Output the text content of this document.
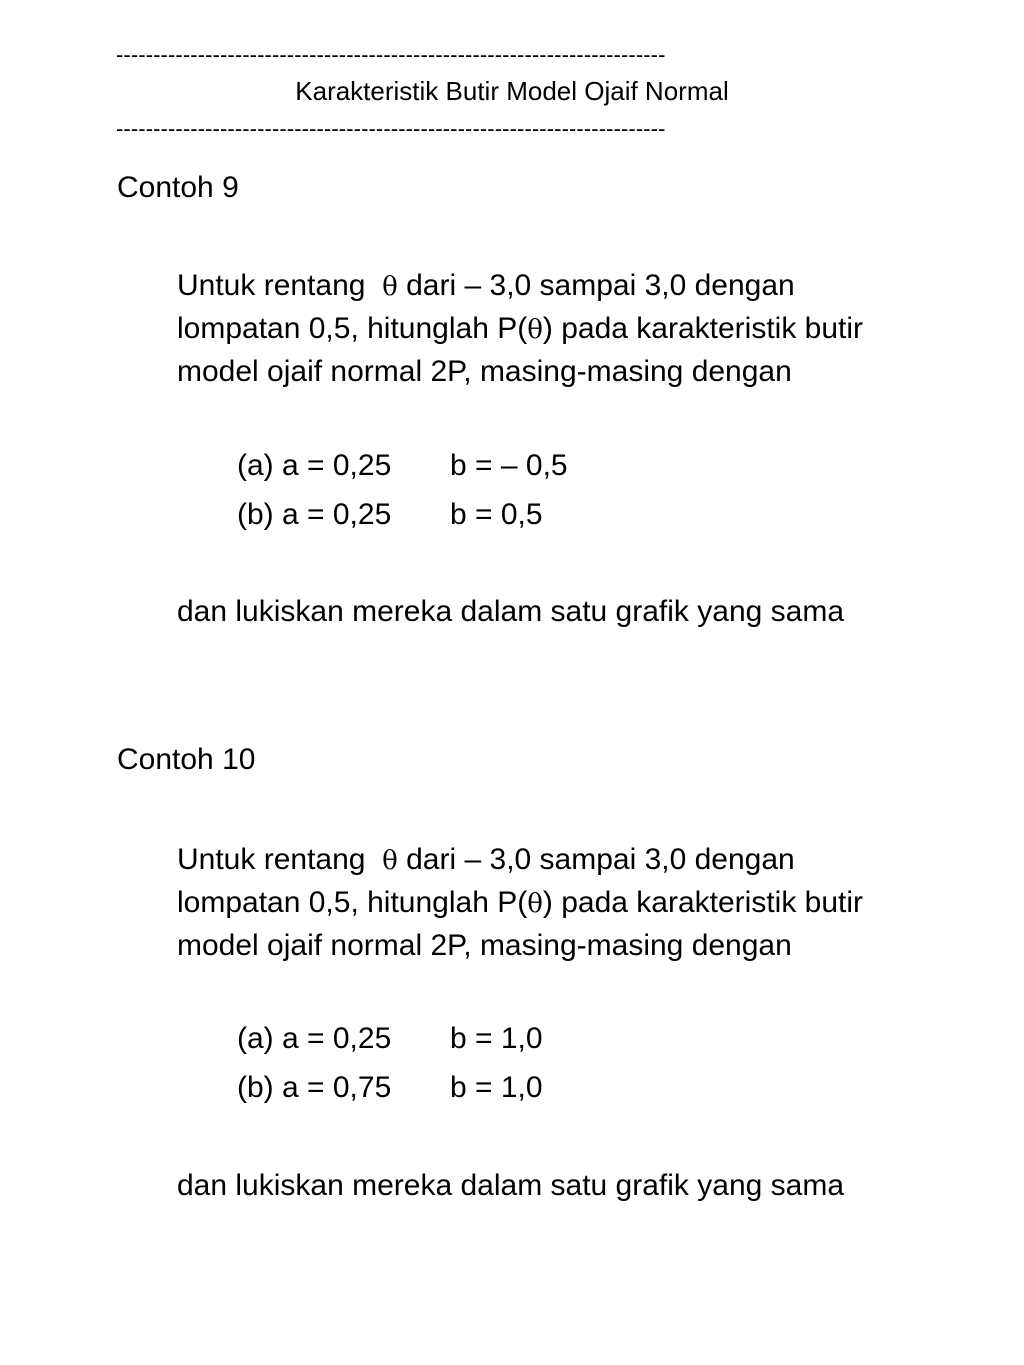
--------------------------------------------------------------------------
Karakteristik Butir Model Ojaif Normal
--------------------------------------------------------------------------
Contoh 9
Untuk rentang θ dari – 3,0 sampai 3,0 dengan
lompatan 0,5, hitunglah P(θ) pada karakteristik butir
model ojaif normal 2P, masing-masing dengan
(a) a = 0,25 b = – 0,5
(b) a = 0,25 b = 0,5
dan lukiskan mereka dalam satu grafik yang sama
Contoh 10
Untuk rentang θ dari – 3,0 sampai 3,0 dengan
lompatan 0,5, hitunglah P(θ) pada karakteristik butir
model ojaif normal 2P, masing-masing dengan
(a) a = 0,25 b = 1,0
(b) a = 0,75 b = 1,0
dan lukiskan mereka dalam satu grafik yang sama
